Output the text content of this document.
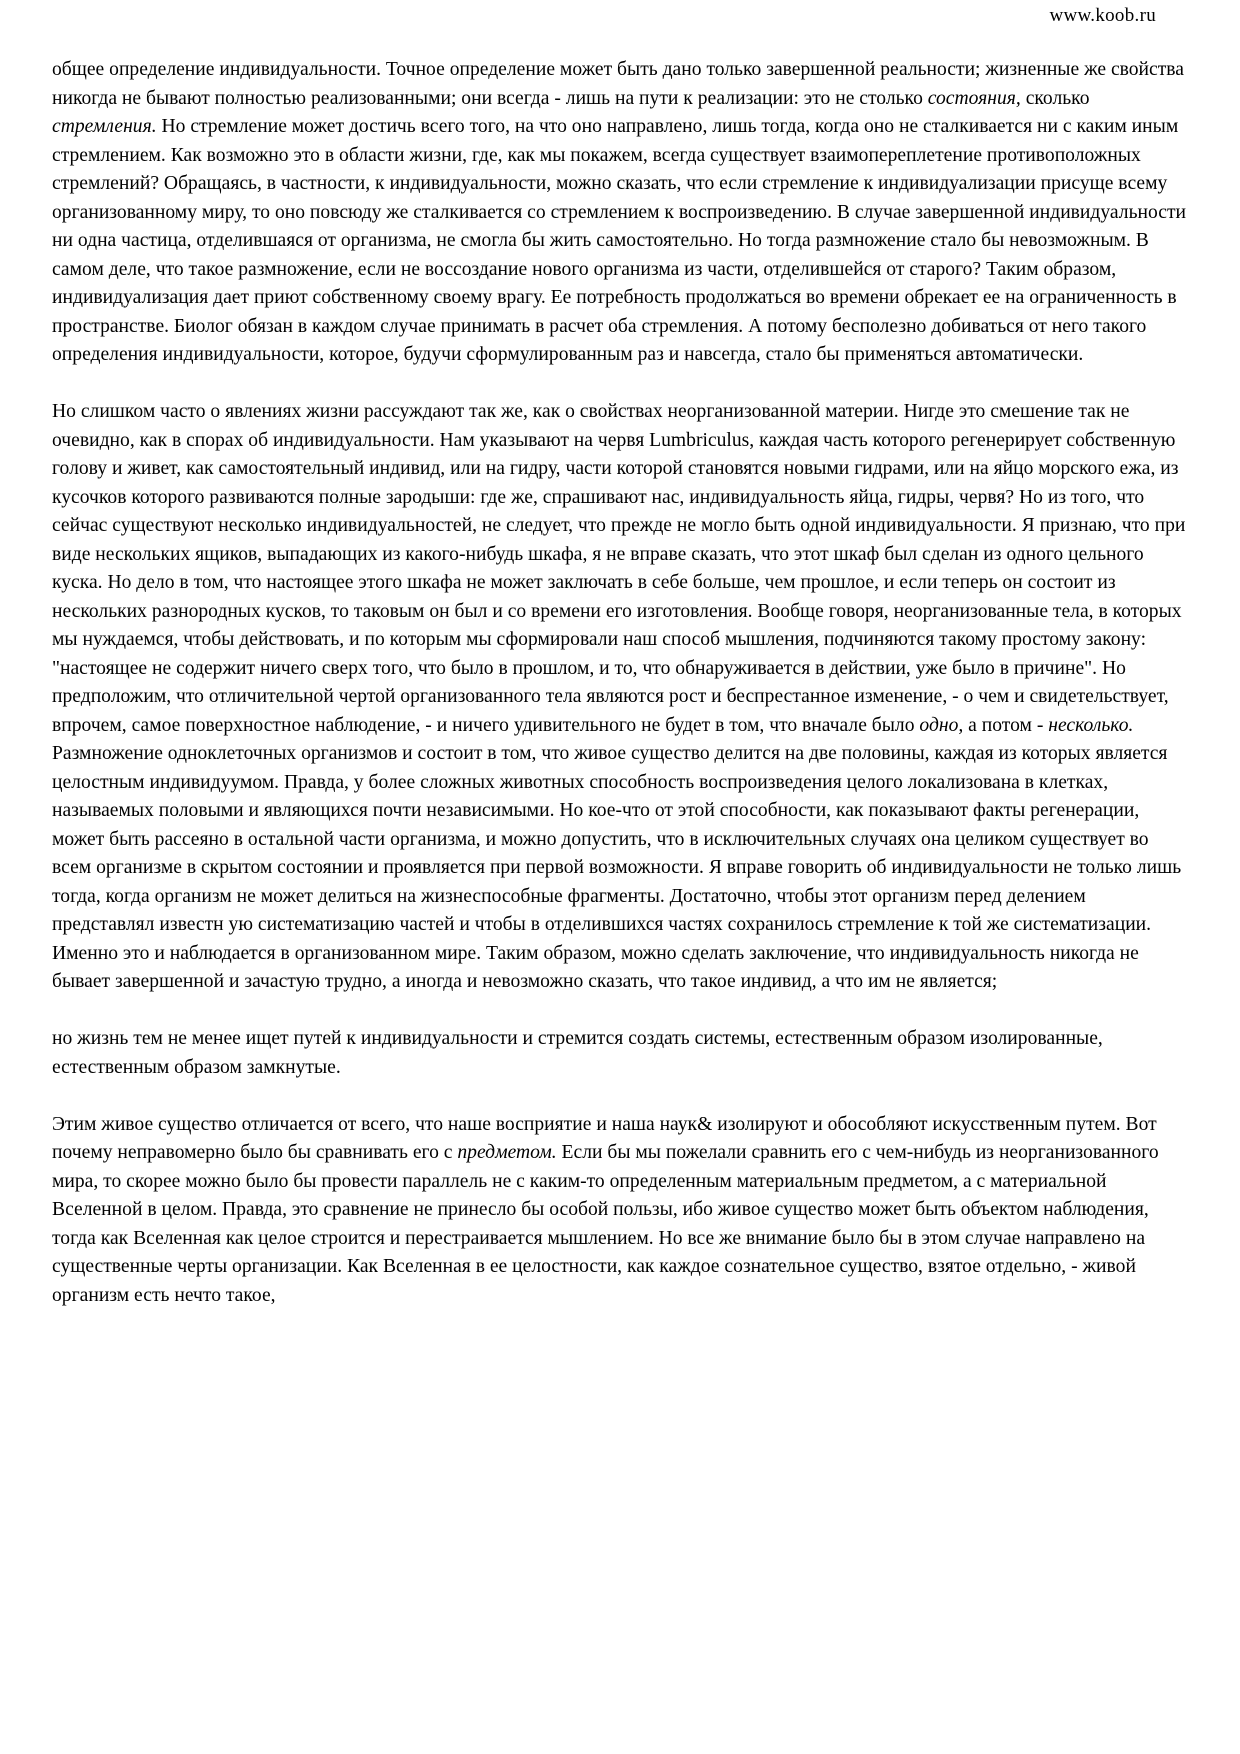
www.koob.ru

общее определение индивидуальности. Точное определение может быть дано только завершенной реальности; жизненные же свойства никогда не бывают полностью реализованными; они всегда - лишь на пути к реализации: это не столько состояния, сколько стремления. Но стремление может достичь всего того, на что оно направлено, лишь тогда, когда оно не сталкивается ни с каким иным стремлением. Как возможно это в области жизни, где, как мы покажем, всегда существует взаимопереплетение противоположных стремлений? Обращаясь, в частности, к индивидуальности, можно сказать, что если стремление к индивидуализации присуще всему организованному миру, то оно повсюду же сталкивается со стремлением к воспроизведению. В случае завершенной индивидуальности ни одна частица, отделившаяся от организма, не смогла бы жить самостоятельно. Но тогда размножение стало бы невозможным. В самом деле, что такое размножение, если не воссоздание нового организма из части, отделившейся от старого? Таким образом, индивидуализация дает приют собственному своему врагу. Ее потребность продолжаться во времени обрекает ее на ограниченность в пространстве. Биолог обязан в каждом случае принимать в расчет оба стремления. А потому бесполезно добиваться от него такого определения индивидуальности, которое, будучи сформулированным раз и навсегда, стало бы применяться автоматически.

Но слишком часто о явлениях жизни рассуждают так же, как о свойствах неорганизованной материи. Нигде это смешение так не очевидно, как в спорах об индивидуальности. Нам указывают на червя Lumbriculus, каждая часть которого регенерирует собственную голову и живет, как самостоятельный индивид, или на гидру, части которой становятся новыми гидрами, или на яйцо морского ежа, из кусочков которого развиваются полные зародыши: где же, спрашивают нас, индивидуальность яйца, гидры, червя? Но из того, что сейчас существуют несколько индивидуальностей, не следует, что прежде не могло быть одной индивидуальности. Я признаю, что при виде нескольких ящиков, выпадающих из какого-нибудь шкафа, я не вправе сказать, что этот шкаф был сделан из одного цельного куска. Но дело в том, что настоящее этого шкафа не может заключать в себе больше, чем прошлое, и если теперь он состоит из нескольких разнородных кусков, то таковым он был и со времени его изготовления. Вообще говоря, неорганизованные тела, в которых мы нуждаемся, чтобы действовать, и по которым мы сформировали наш способ мышления, подчиняются такому простому закону: "настоящее не содержит ничего сверх того, что было в прошлом, и то, что обнаруживается в действии, уже было в причине". Но предположим, что отличительной чертой организованного тела являются рост и беспрестанное изменение, - о чем и свидетельствует, впрочем, самое поверхностное наблюдение, - и ничего удивительного не будет в том, что вначале было одно, а потом - несколько. Размножение одноклеточных организмов и состоит в том, что живое существо делится на две половины, каждая из которых является целостным индивидуумом. Правда, у более сложных животных способность воспроизведения целого локализована в клетках, называемых половыми и являющихся почти независимыми. Но кое-что от этой способности, как показывают факты регенерации, может быть рассеяно в остальной части организма, и можно допустить, что в исключительных случаях она целиком существует во всем организме в скрытом состоянии и проявляется при первой возможности. Я вправе говорить об индивидуальности не только лишь тогда, когда организм не может делиться на жизнеспособные фрагменты. Достаточно, чтобы этот организм перед делением представлял известн ую систематизацию частей и чтобы в отделившихся частях сохранилось стремление к той же систематизации. Именно это и наблюдается в организованном мире. Таким образом, можно сделать заключение, что индивидуальность никогда не бывает завершенной и зачастую трудно, а иногда и невозможно сказать, что такое индивид, а что им не является;

но жизнь тем не менее ищет путей к индивидуальности и стремится создать системы, естественным образом изолированные, естественным образом замкнутые.

Этим живое существо отличается от всего, что наше восприятие и наша наук& изолируют и обособляют искусственным путем. Вот почему неправомерно было бы сравнивать его с предметом. Если бы мы пожелали сравнить его с чем-нибудь из неорганизованного мира, то скорее можно было бы провести параллель не с каким-то определенным материальным предметом, а с материальной Вселенной в целом. Правда, это сравнение не принесло бы особой пользы, ибо живое существо может быть объектом наблюдения, тогда как Вселенная как целое строится и перестраивается мышлением. Но все же внимание было бы в этом случае направлено на существенные черты организации. Как Вселенная в ее целостности, как каждое сознательное существо, взятое отдельно, - живой организм есть нечто такое,
